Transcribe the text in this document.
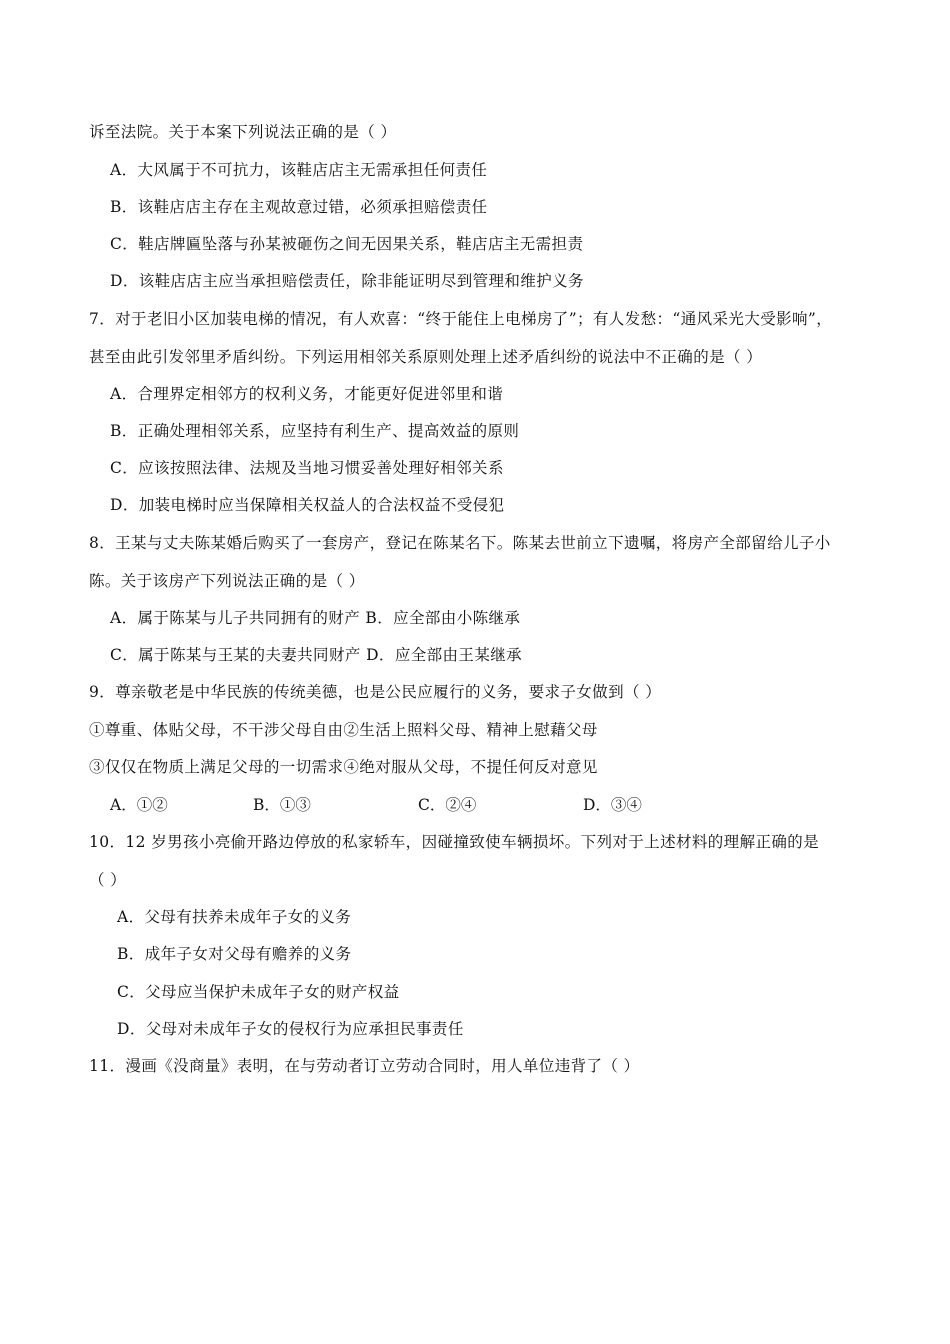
诉至法院。关于本案下列说法正确的是（ ）
A．大风属于不可抗力，该鞋店店主无需承担任何责任
B．该鞋店店主存在主观故意过错，必须承担赔偿责任
C．鞋店牌匾坠落与孙某被砸伤之间无因果关系，鞋店店主无需担责
D．该鞋店店主应当承担赔偿责任，除非能证明尽到管理和维护义务
7．对于老旧小区加装电梯的情况，有人欢喜：“终于能住上电梯房了”；有人发愁：“通风采光大受影响”，
甚至由此引发邻里矛盾纠纷。下列运用相邻关系原则处理上述矛盾纠纷的说法中不正确的是（ ）
A．合理界定相邻方的权利义务，才能更好促进邻里和谐
B．正确处理相邻关系，应坚持有利生产、提高效益的原则
C．应该按照法律、法规及当地习惯妥善处理好相邻关系
D．加装电梯时应当保障相关权益人的合法权益不受侵犯
8．王某与丈夫陈某婚后购买了一套房产，登记在陈某名下。陈某去世前立下遗嘱，将房产全部留给儿子小
陈。关于该房产下列说法正确的是（ ）
A．属于陈某与儿子共同拥有的财产 B．应全部由小陈继承
C．属于陈某与王某的夫妻共同财产 D．应全部由王某继承
9．尊亲敬老是中华民族的传统美德，也是公民应履行的义务，要求子女做到（ ）
①尊重、体贴父母，不干涉父母自由②生活上照料父母、精神上慰藉父母
③仅仅在物质上满足父母的一切需求④绝对服从父母，不提任何反对意见
A．①②	B．①③	C．②④	D．③④
10．12 岁男孩小亮偷开路边停放的私家轿车，因碰撞致使车辆损坏。下列对于上述材料的理解正确的是
（ ）
A．父母有扶养未成年子女的义务
B．成年子女对父母有赡养的义务
C．父母应当保护未成年子女的财产权益
D．父母对未成年子女的侵权行为应承担民事责任
11．漫画《没商量》表明，在与劳动者订立劳动合同时，用人单位违背了（ ）
